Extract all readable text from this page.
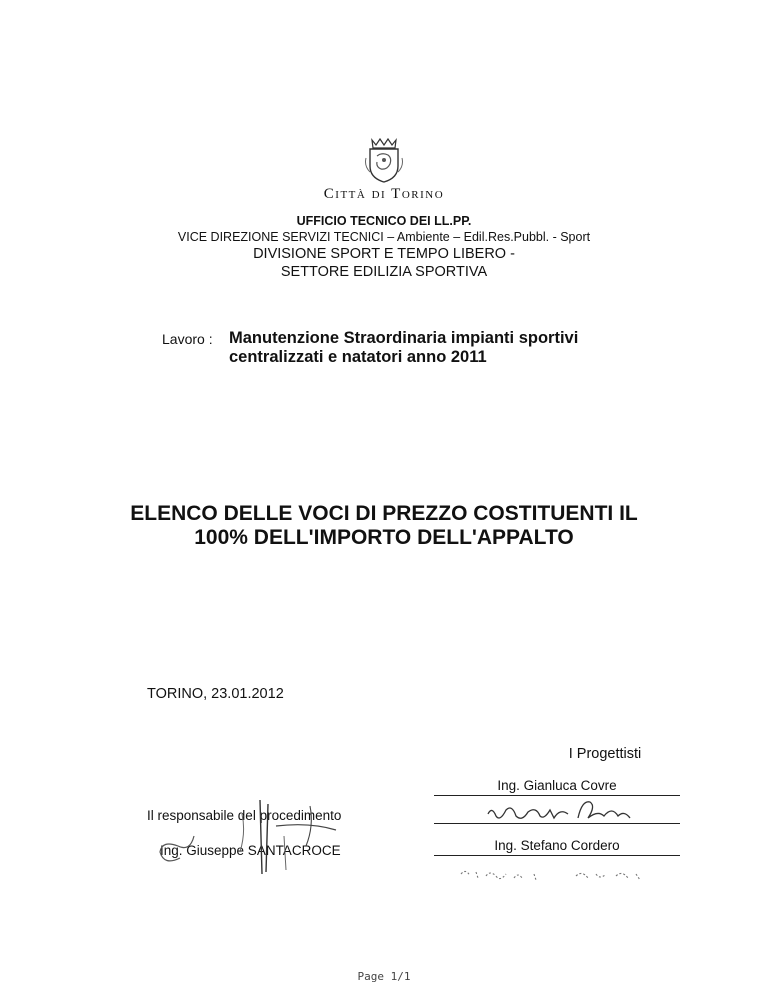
Città di Torino
UFFICIO TECNICO DEI LL.PP.
VICE DIREZIONE SERVIZI TECNICI – Ambiente – Edil.Res.Pubbl. - Sport
DIVISIONE SPORT E TEMPO LIBERO -
SETTORE EDILIZIA SPORTIVA
Lavoro : Manutenzione Straordinaria impianti sportivi
centralizzati e natatori anno 2011
ELENCO DELLE VOCI DI PREZZO COSTITUENTI IL
100% DELL'IMPORTO DELL'APPALTO
TORINO, 23.01.2012
I Progettisti
Ing. Gianluca Covre
Ing. Stefano Cordero
Il responsabile del procedimento
Ing. Giuseppe SANTACROCE
Page 1/1
